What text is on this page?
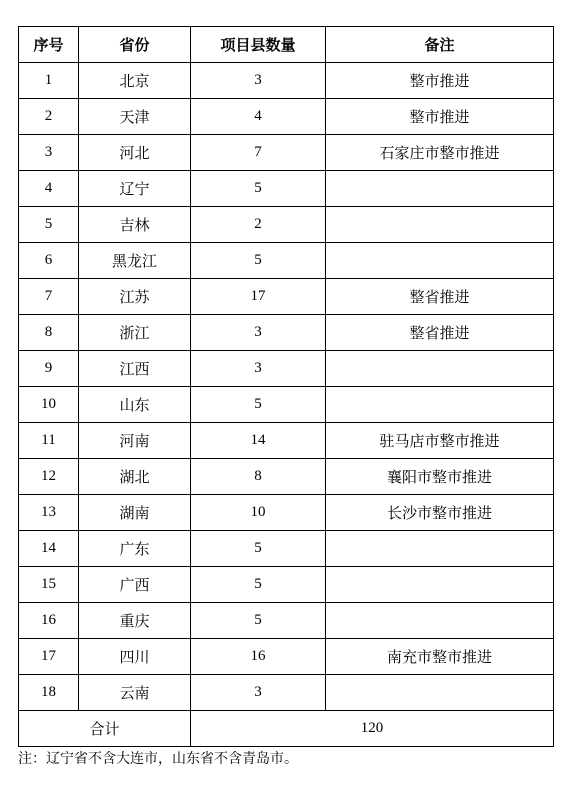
序号	省份	项目县数量	备注
1	北京	3	整市推进
2	天津	4	整市推进
3	河北	7	石家庄市整市推进
4	辽宁	5	
5	吉林	2	
6	黑龙江	5	
7	江苏	17	整省推进
8	浙江	3	整省推进
9	江西	3	
10	山东	5	
11	河南	14	驻马店市整市推进
12	湖北	8	襄阳市整市推进
13	湖南	10	长沙市整市推进
14	广东	5	
15	广西	5	
16	重庆	5	
17	四川	16	南充市整市推进
18	云南	3	
合计		120	
注：辽宁省不含大连市，山东省不含青岛市。
